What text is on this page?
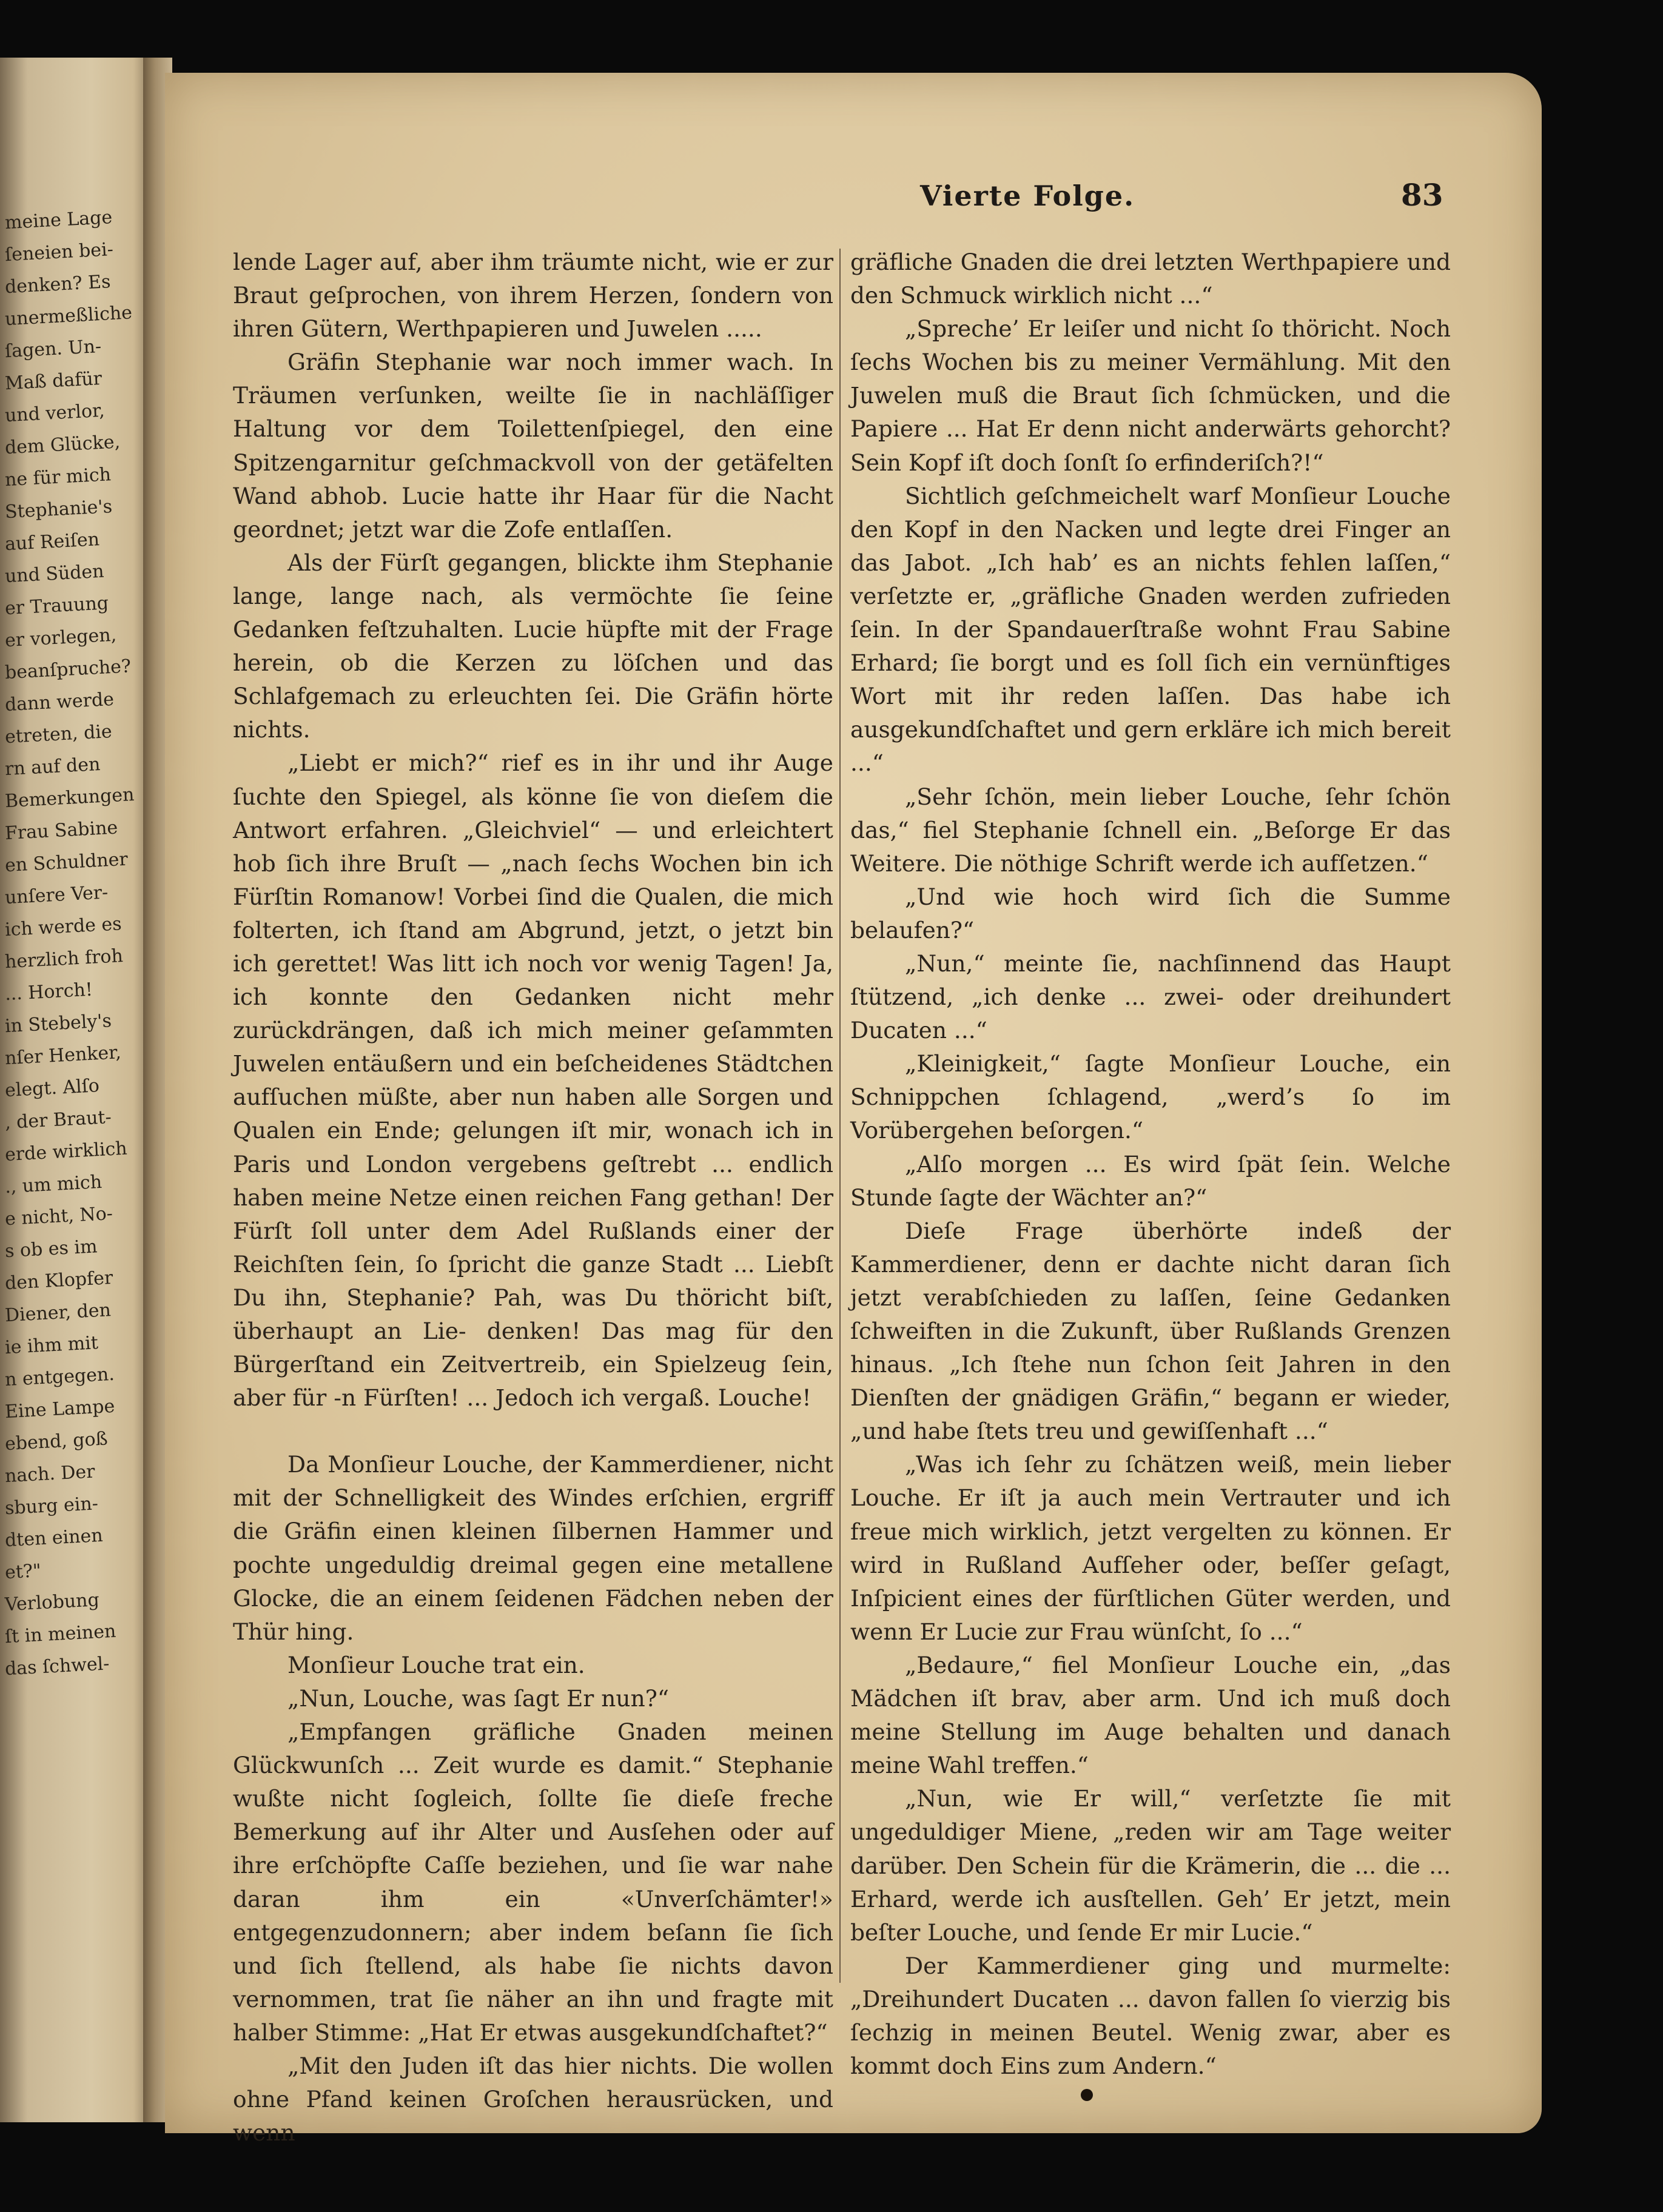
meine Lage
ſeneien bei-
denken? Es
unermeßliche
ſagen. Un-
Maß dafür
und verlor,
dem Glücke,
ne für mich
Stephanie's
auf Reiſen
und Süden
er Trauung
er vorlegen,
beanſpruche?
dann werde
etreten, die
rn auf den
Bemerkungen
Frau Sabine
en Schuldner
unſere Ver-
ich werde es
herzlich froh
... Horch!
in Stebely's
nſer Henker,
elegt. Alſo
, der Braut-
erde wirklich
., um mich
e nicht, No-
s ob es im
den Klopfer
Diener, den
ie ihm mit
n entgegen.
Eine Lampe
ebend, goß
nach. Der
sburg ein-
dten einen
et?"
Verlobung
ſt in meinen
das ſchwel-
Vierte Folge.	83

lende Lager auf, aber ihm träumte nicht, wie er zur Braut geſprochen, von ihrem Herzen, ſondern von ihren Gütern, Werthpapieren und Juwelen .....

Gräfin Stephanie war noch immer wach. In Träumen verſunken, weilte ſie in nachläſſiger Haltung vor dem Toilettenſpiegel, den eine Spitzengarnitur geſchmackvoll von der getäfelten Wand abhob. Lucie hatte ihr Haar für die Nacht geordnet; jetzt war die Zofe entlaſſen.

Als der Fürſt gegangen, blickte ihm Stephanie lange, lange nach, als vermöchte ſie ſeine Gedanken feſtzuhalten. Lucie hüpfte mit der Frage herein, ob die Kerzen zu löſchen und das Schlafgemach zu erleuchten ſei. Die Gräfin hörte nichts.

„Liebt er mich?“ rief es in ihr und ihr Auge ſuchte den Spiegel, als könne ſie von dieſem die Antwort erfahren. „Gleichviel“ — und erleichtert hob ſich ihre Bruſt — „nach ſechs Wochen bin ich Fürſtin Romanow! Vorbei ſind die Qualen, die mich folterten, ich ſtand am Abgrund, jetzt, o jetzt bin ich gerettet! Was litt ich noch vor wenig Tagen! Ja, ich konnte den Gedanken nicht mehr zurückdrängen, daß ich mich meiner geſammten Juwelen entäußern und ein beſcheidenes Städtchen aufſuchen müßte, aber nun haben alle Sorgen und Qualen ein Ende; gelungen iſt mir, wonach ich in Paris und London vergebens geſtrebt ... endlich haben meine Netze einen reichen Fang gethan! Der Fürſt ſoll unter dem Adel Rußlands einer der Reichſten ſein, ſo ſpricht die ganze Stadt ... Liebſt Du ihn, Stephanie? Pah, was Du thöricht biſt, überhaupt an Lie- denken! Das mag für den Bürgerſtand ein Zeitvertreib, ein Spielzeug ſein, aber für -n Fürſten! ... Jedoch ich vergaß. Louche!

Da Monſieur Louche, der Kammerdiener, nicht mit der Schnelligkeit des Windes erſchien, ergriff die Gräfin einen kleinen ſilbernen Hammer und pochte ungeduldig dreimal gegen eine metallene Glocke, die an einem ſeidenen Fädchen neben der Thür hing.

Monſieur Louche trat ein.

„Nun, Louche, was ſagt Er nun?“

„Empfangen gräfliche Gnaden meinen Glückwunſch ... Zeit wurde es damit.“ Stephanie wußte nicht ſogleich, ſollte ſie dieſe freche Bemerkung auf ihr Alter und Ausſehen oder auf ihre erſchöpfte Caſſe beziehen, und ſie war nahe daran ihm ein «Unverſchämter!» entgegenzudonnern; aber indem beſann ſie ſich und ſich ſtellend, als habe ſie nichts davon vernommen, trat ſie näher an ihn und fragte mit halber Stimme: „Hat Er etwas ausgekundſchaftet?“

„Mit den Juden iſt das hier nichts. Die wollen ohne Pfand keinen Groſchen herausrücken, und wenn

gräfliche Gnaden die drei letzten Werthpapiere und den Schmuck wirklich nicht ...“

„Spreche’ Er leiſer und nicht ſo thöricht. Noch ſechs Wochen bis zu meiner Vermählung. Mit den Juwelen muß die Braut ſich ſchmücken, und die Papiere ... Hat Er denn nicht anderwärts gehorcht? Sein Kopf iſt doch ſonſt ſo erfinderiſch?!“

Sichtlich geſchmeichelt warf Monſieur Louche den Kopf in den Nacken und legte drei Finger an das Jabot. „Ich hab’ es an nichts fehlen laſſen,“ verſetzte er, „gräfliche Gnaden werden zufrieden ſein. In der Spandauerſtraße wohnt Frau Sabine Erhard; ſie borgt und es ſoll ſich ein vernünftiges Wort mit ihr reden laſſen. Das habe ich ausgekundſchaftet und gern erkläre ich mich bereit ...“

„Sehr ſchön, mein lieber Louche, ſehr ſchön das,“ fiel Stephanie ſchnell ein. „Beſorge Er das Weitere. Die nöthige Schrift werde ich aufſetzen.“

„Und wie hoch wird ſich die Summe belaufen?“

„Nun,“ meinte ſie, nachſinnend das Haupt ſtützend, „ich denke ... zwei- oder dreihundert Ducaten ...“

„Kleinigkeit,“ ſagte Monſieur Louche, ein Schnippchen ſchlagend, „werd’s ſo im Vorübergehen beſorgen.“

„Alſo morgen ... Es wird ſpät ſein. Welche Stunde ſagte der Wächter an?“

Dieſe Frage überhörte indeß der Kammerdiener, denn er dachte nicht daran ſich jetzt verabſchieden zu laſſen, ſeine Gedanken ſchweiften in die Zukunft, über Rußlands Grenzen hinaus. „Ich ſtehe nun ſchon ſeit Jahren in den Dienſten der gnädigen Gräfin,“ begann er wieder, „und habe ſtets treu und gewiſſenhaft ...“

„Was ich ſehr zu ſchätzen weiß, mein lieber Louche. Er iſt ja auch mein Vertrauter und ich freue mich wirklich, jetzt vergelten zu können. Er wird in Rußland Aufſeher oder, beſſer geſagt, Inſpicient eines der fürſtlichen Güter werden, und wenn Er Lucie zur Frau wünſcht, ſo ...“

„Bedaure,“ fiel Monſieur Louche ein, „das Mädchen iſt brav, aber arm. Und ich muß doch meine Stellung im Auge behalten und danach meine Wahl treffen.“

„Nun, wie Er will,“ verſetzte ſie mit ungeduldiger Miene, „reden wir am Tage weiter darüber. Den Schein für die Krämerin, die ... die ... Erhard, werde ich ausſtellen. Geh’ Er jetzt, mein beſter Louche, und ſende Er mir Lucie.“

Der Kammerdiener ging und murmelte: „Dreihundert Ducaten ... davon fallen ſo vierzig bis ſechzig in meinen Beutel. Wenig zwar, aber es kommt doch Eins zum Andern.“
